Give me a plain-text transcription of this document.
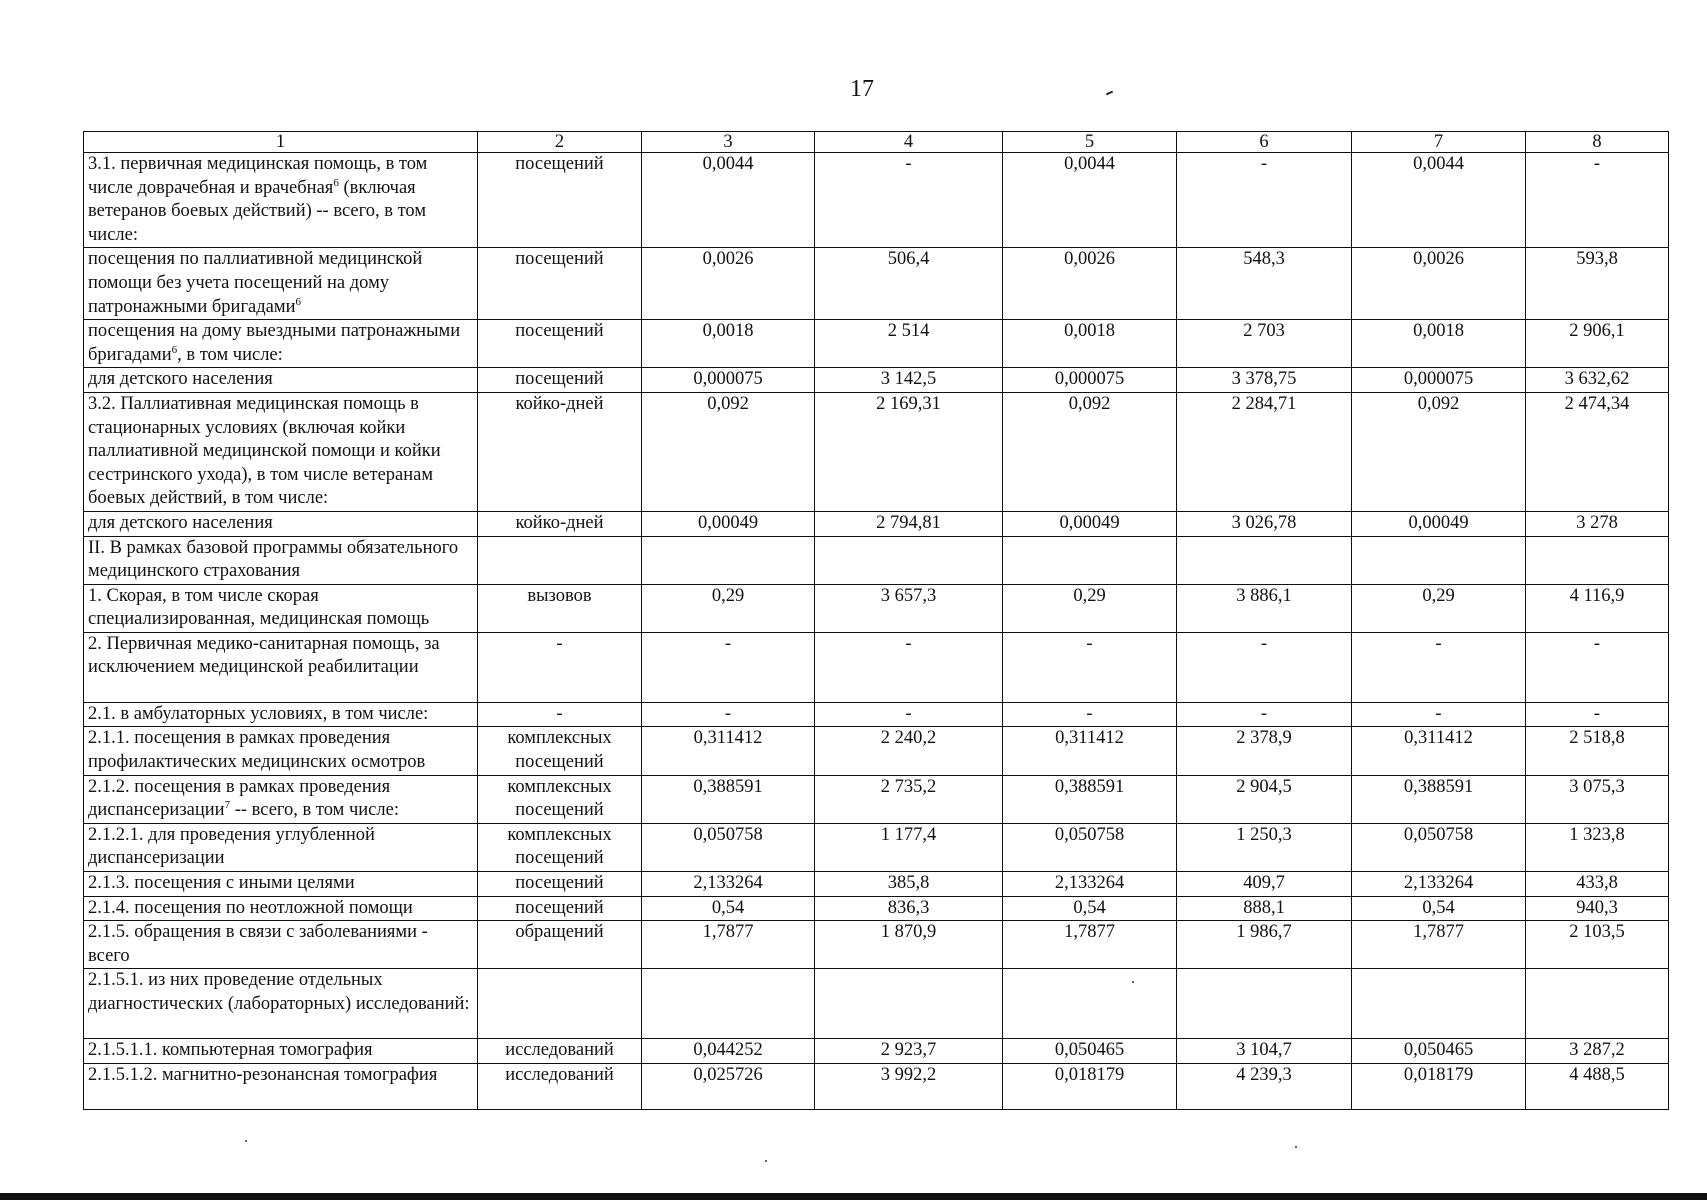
17
1	2	3	4	5	6	7	8
3.1. первичная медицинская помощь, в том числе доврачебная и врачебная$^6$ (включая ветеранов боевых действий) -- всего, в том числе:	посещений	0,0044	-	0,0044	-	0,0044	-
посещения по паллиативной медицинской помощи без учета посещений на дому патронажными бригадами$^6$	посещений	0,0026	506,4	0,0026	548,3	0,0026	593,8
посещения на дому выездными патронажными бригадами$^6$, в том числе:	посещений	0,0018	2 514	0,0018	2 703	0,0018	2 906,1
для детского населения	посещений	0,000075	3 142,5	0,000075	3 378,75	0,000075	3 632,62
3.2. Паллиативная медицинская помощь в стационарных условиях (включая койки паллиативной медицинской помощи и койки сестринского ухода), в том числе ветеранам боевых действий, в том числе:	койко-дней	0,092	2 169,31	0,092	2 284,71	0,092	2 474,34
для детского населения	койко-дней	0,00049	2 794,81	0,00049	3 026,78	0,00049	3 278
II. В рамках базовой программы обязательного медицинского страхования							
1. Скорая, в том числе скорая специализированная, медицинская помощь	вызовов	0,29	3 657,3	0,29	3 886,1	0,29	4 116,9
2. Первичная медико-санитарная помощь, за исключением медицинской реабилитации	-	-	-	-	-	-	-
2.1. в амбулаторных условиях, в том числе:	-	-	-	-	-	-	-
2.1.1. посещения в рамках проведения профилактических медицинских осмотров	комплексных посещений	0,311412	2 240,2	0,311412	2 378,9	0,311412	2 518,8
2.1.2. посещения в рамках проведения диспансеризации$^7$ -- всего, в том числе:	комплексных посещений	0,388591	2 735,2	0,388591	2 904,5	0,388591	3 075,3
2.1.2.1. для проведения углубленной диспансеризации	комплексных посещений	0,050758	1 177,4	0,050758	1 250,3	0,050758	1 323,8
2.1.3. посещения с иными целями	посещений	2,133264	385,8	2,133264	409,7	2,133264	433,8
2.1.4. посещения по неотложной помощи	посещений	0,54	836,3	0,54	888,1	0,54	940,3
2.1.5. обращения в связи с заболеваниями - всего	обращений	1,7877	1 870,9	1,7877	1 986,7	1,7877	2 103,5
2.1.5.1. из них проведение отдельных диагностических (лабораторных) исследований:							
2.1.5.1.1. компьютерная томография	исследований	0,044252	2 923,7	0,050465	3 104,7	0,050465	3 287,2
2.1.5.1.2. магнитно-резонансная томография	исследований	0,025726	3 992,2	0,018179	4 239,3	0,018179	4 488,5
